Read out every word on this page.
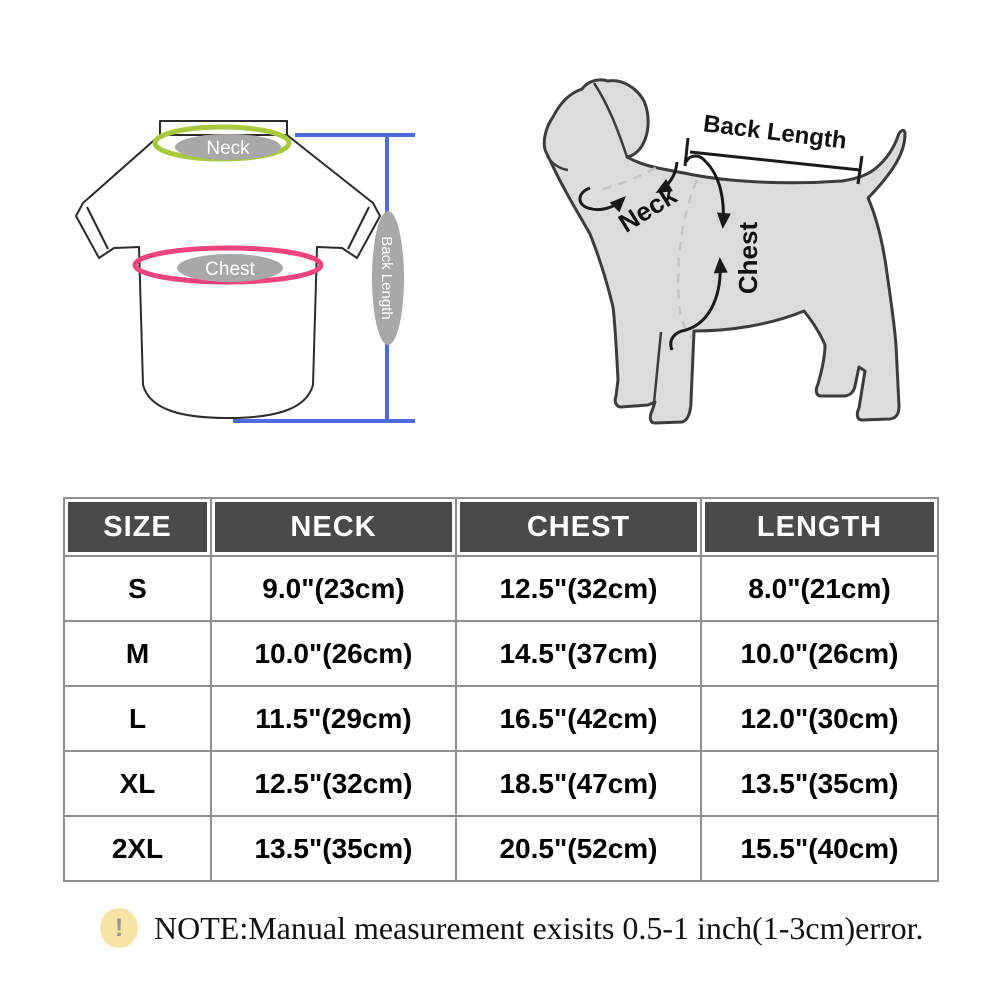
Neck
Chest	Back Length
Back Length
Neck
Chest
SIZE	NECK	CHEST	LENGTH
S	9.0"(23cm)	12.5"(32cm)	8.0"(21cm)
M	10.0"(26cm)	14.5"(37cm)	10.0"(26cm)
L	11.5"(29cm)	16.5"(42cm)	12.0"(30cm)
XL	12.5"(32cm)	18.5"(47cm)	13.5"(35cm)
2XL	13.5"(35cm)	20.5"(52cm)	15.5"(40cm)
! NOTE:Manual measurement exisits 0.5-1 inch(1-3cm)error.
